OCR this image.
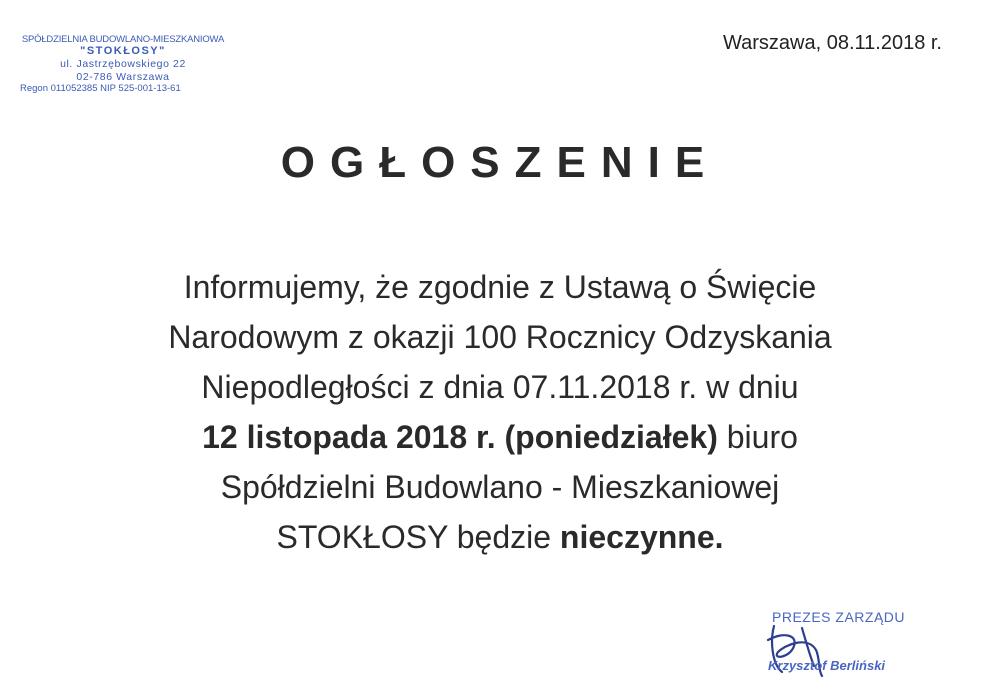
SPÓŁDZIELNIA BUDOWLANO-MIESZKANIOWA
"STOKŁOSY"
ul. Jastrzębowskiego 22
02-786 Warszawa
Regon 011052385 NIP 525-001-13-61
Warszawa, 08.11.2018 r.
OGŁOSZENIE
Informujemy, że zgodnie z Ustawą o Święcie
Narodowym z okazji 100 Rocznicy Odzyskania
Niepodległości z dnia 07.11.2018 r. w dniu
12 listopada 2018 r. (poniedziałek) biuro
Spółdzielni Budowlano - Mieszkaniowej
STOKŁOSY będzie nieczynne.
PREZES ZARZĄDU
Krzysztof Berliński
